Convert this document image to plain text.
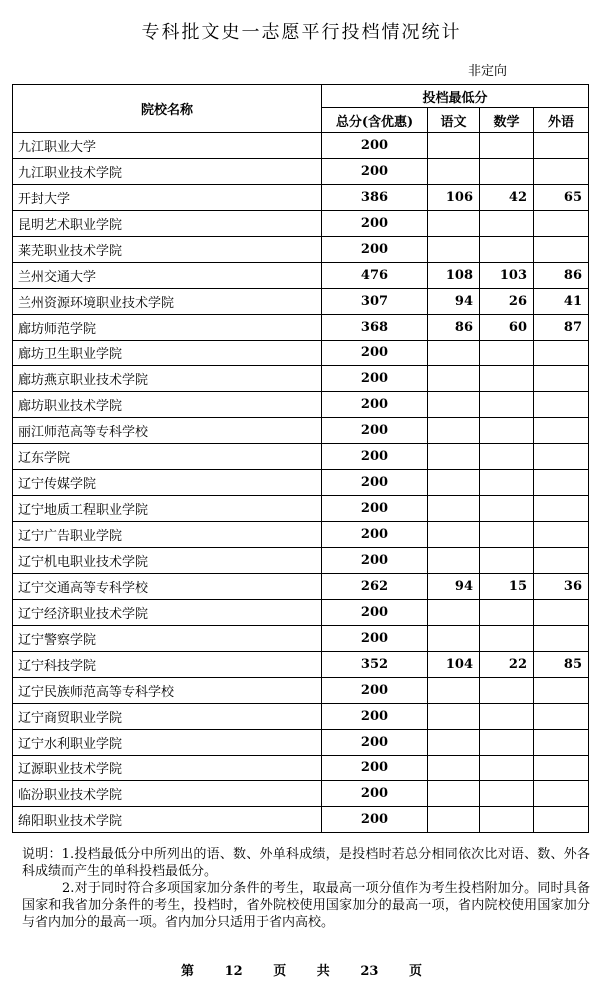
专科批文史一志愿平行投档情况统计
非定向
院校名称	投档最低分			
	总分(含优惠)	语文	数学	外语
九江职业大学	200			
九江职业技术学院	200			
开封大学	386	106	42	65
昆明艺术职业学院	200			
莱芜职业技术学院	200			
兰州交通大学	476	108	103	86
兰州资源环境职业技术学院	307	94	26	41
廊坊师范学院	368	86	60	87
廊坊卫生职业学院	200			
廊坊燕京职业技术学院	200			
廊坊职业技术学院	200			
丽江师范高等专科学校	200			
辽东学院	200			
辽宁传媒学院	200			
辽宁地质工程职业学院	200			
辽宁广告职业学院	200			
辽宁机电职业技术学院	200			
辽宁交通高等专科学校	262	94	15	36
辽宁经济职业技术学院	200			
辽宁警察学院	200			
辽宁科技学院	352	104	22	85
辽宁民族师范高等专科学校	200			
辽宁商贸职业学院	200			
辽宁水利职业学院	200			
辽源职业技术学院	200			
临汾职业技术学院	200			
绵阳职业技术学院	200			

说明：1.投档最低分中所列出的语、数、外单科成绩，是投档时若总分相同依次比对语、数、外各科成绩而产生的单科投档最低分。

2.对于同时符合多项国家加分条件的考生，取最高一项分值作为考生投档附加分。同时具备国家和我省加分条件的考生，投档时，省外院校使用国家加分的最高一项，省内院校使用国家加分与省内加分的最高一项。省内加分只适用于省内高校。

第 12 页 共 23 页
